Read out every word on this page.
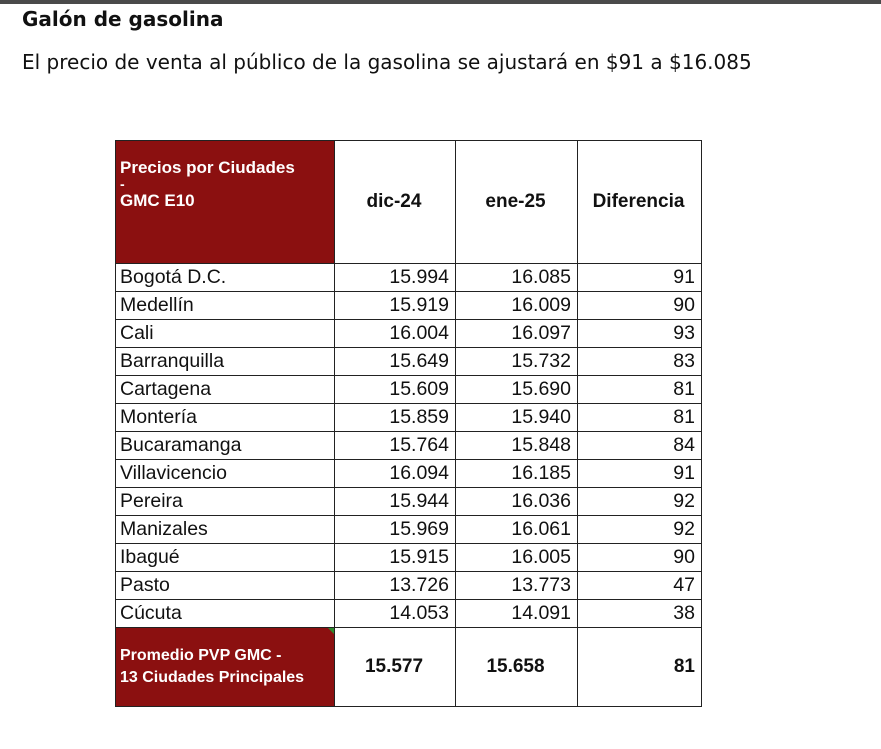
Galón de gasolina
El precio de venta al público de la gasolina se ajustará en $91 a $16.085
Precios por Ciudades
-
GMC E10	dic-24	ene-25	Diferencia
Bogotá D.C.	15.994	16.085	91
Medellín	15.919	16.009	90
Cali	16.004	16.097	93
Barranquilla	15.649	15.732	83
Cartagena	15.609	15.690	81
Montería	15.859	15.940	81
Bucaramanga	15.764	15.848	84
Villavicencio	16.094	16.185	91
Pereira	15.944	16.036	92
Manizales	15.969	16.061	92
Ibagué	15.915	16.005	90
Pasto	13.726	13.773	47
Cúcuta	14.053	14.091	38
Promedio PVP GMC -
13 Ciudades Principales	15.577	15.658	81
